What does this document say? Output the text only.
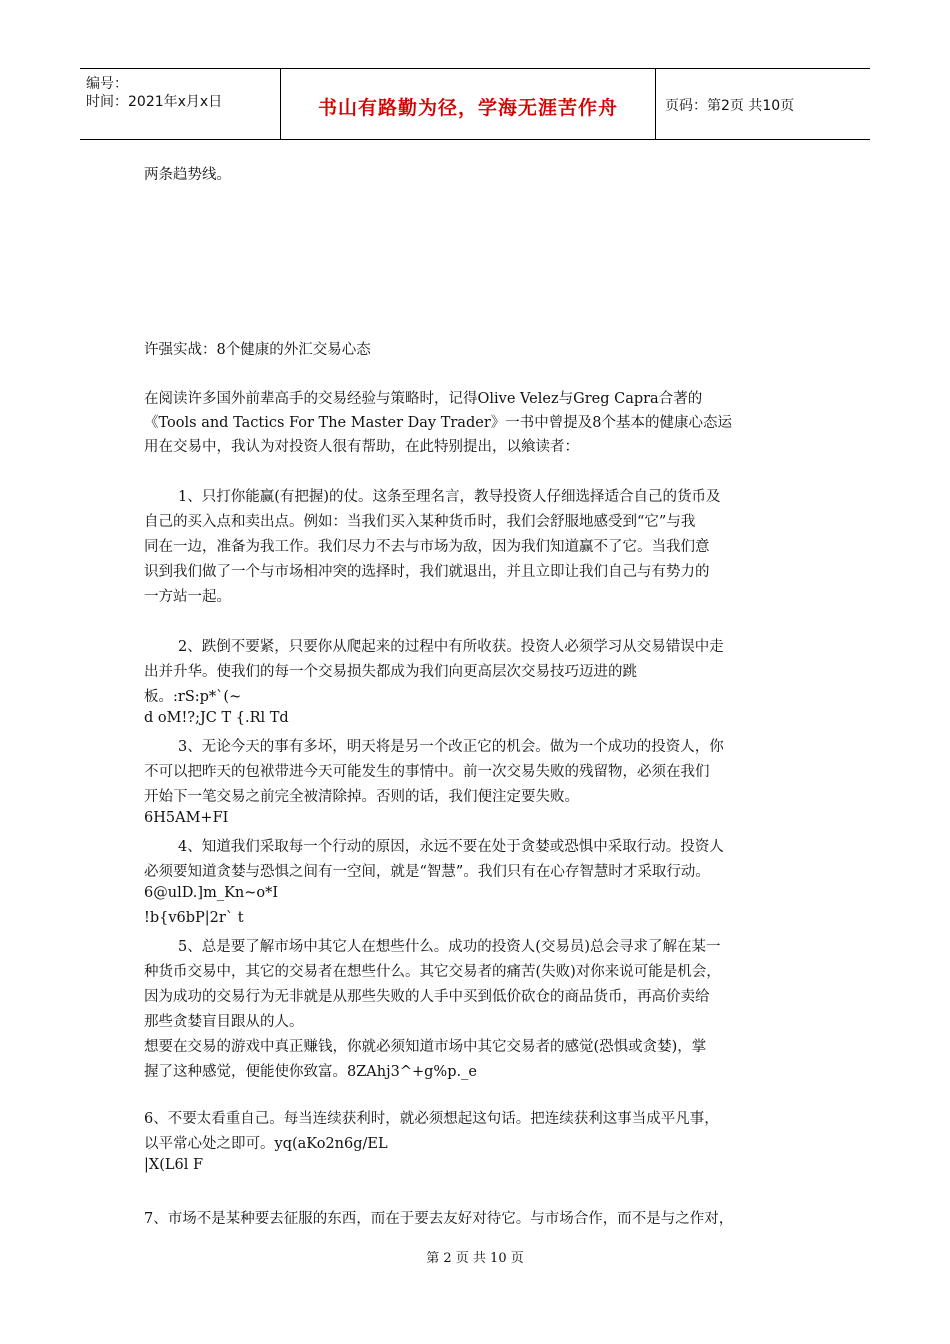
编号：
时间：2021年x月x日	书山有路勤为径，学海无涯苦作舟	页码：第2页 共10页
两条趋势线。
许强实战：8个健康的外汇交易心态
在阅读许多国外前辈高手的交易经验与策略时，记得Olive Velez与Greg Capra合著的
《Tools and Tactics For The Master Day Trader》一书中曾提及8个基本的健康心态运
用在交易中，我认为对投资人很有帮助，在此特别提出，以飨读者：
1、只打你能赢(有把握)的仗。这条至理名言，教导投资人仔细选择适合自己的货币及
自己的买入点和卖出点。例如：当我们买入某种货币时，我们会舒服地感受到“它”与我
同在一边，准备为我工作。我们尽力不去与市场为敌，因为我们知道赢不了它。当我们意
识到我们做了一个与市场相冲突的选择时，我们就退出，并且立即让我们自己与有势力的
一方站一起。
2、跌倒不要紧，只要你从爬起来的过程中有所收获。投资人必须学习从交易错误中走
出并升华。使我们的每一个交易损失都成为我们向更高层次交易技巧迈进的跳
板。:rS:p*`(~
d oM!?;JC T {.Rl Td
3、无论今天的事有多坏，明天将是另一个改正它的机会。做为一个成功的投资人，你
不可以把昨天的包袱带进今天可能发生的事情中。前一次交易失败的残留物，必须在我们
开始下一笔交易之前完全被清除掉。否则的话，我们便注定要失败。
6H5AM+FI
4、知道我们采取每一个行动的原因，永远不要在处于贪婪或恐惧中采取行动。投资人
必须要知道贪婪与恐惧之间有一空间，就是“智慧”。我们只有在心存智慧时才采取行动。
6@ulD.]m_Kn~o*I
!b{v6bP|2r` t
5、总是要了解市场中其它人在想些什么。成功的投资人(交易员)总会寻求了解在某一
种货币交易中，其它的交易者在想些什么。其它交易者的痛苦(失败)对你来说可能是机会，
因为成功的交易行为无非就是从那些失败的人手中买到低价砍仓的商品货币，再高价卖给
那些贪婪盲目跟从的人。
想要在交易的游戏中真正赚钱，你就必须知道市场中其它交易者的感觉(恐惧或贪婪)，掌
握了这种感觉，便能使你致富。8ZAhj3^+g%p._e
6、不要太看重自己。每当连续获利时，就必须想起这句话。把连续获利这事当成平凡事，
以平常心处之即可。yq(aKo2n6g/EL
|X(L6l F
7、市场不是某种要去征服的东西，而在于要去友好对待它。与市场合作，而不是与之作对，
第 2 页 共 10 页
